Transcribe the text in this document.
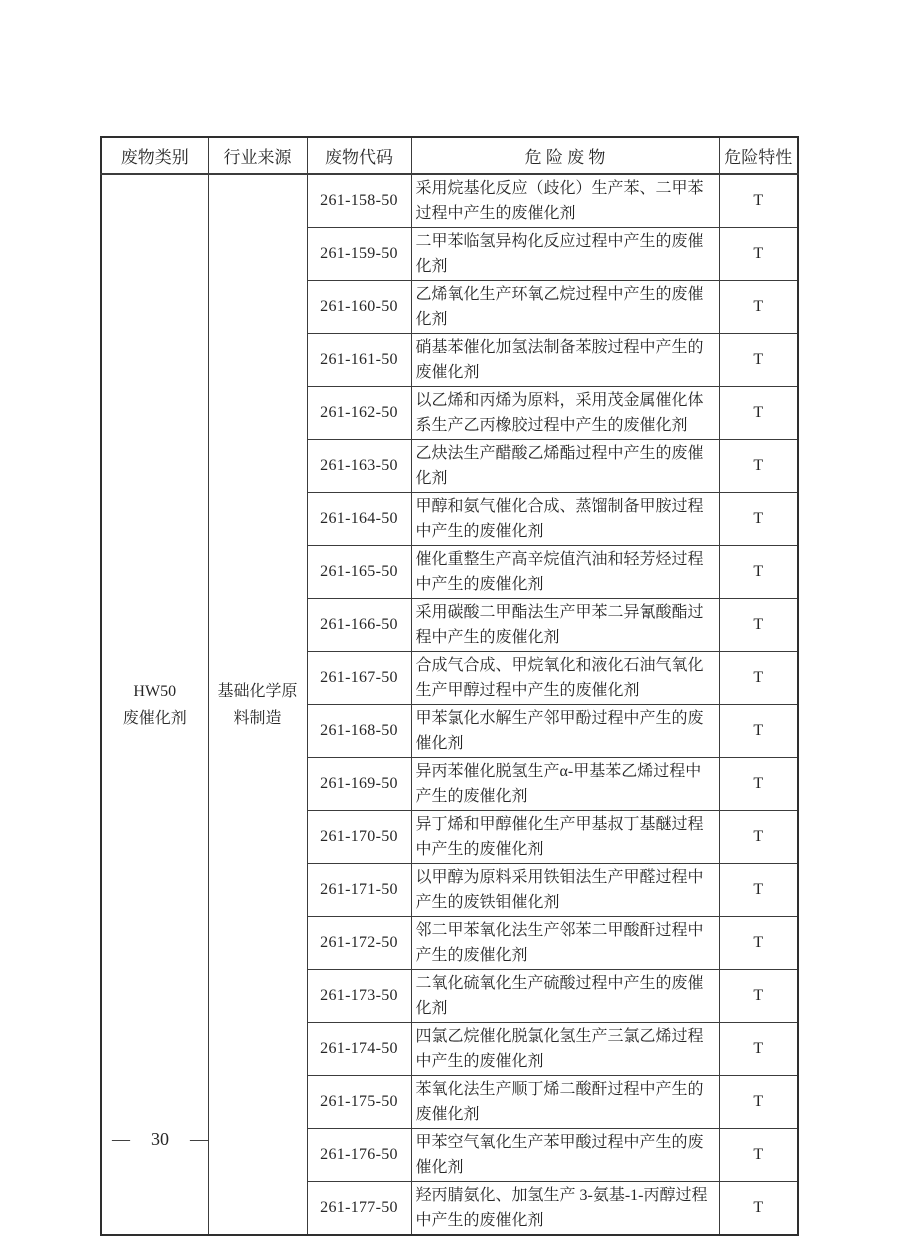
废物类别	行业来源	废物代码	危 险 废 物	危险特性

HW50
废催化剂	基础化学原料制造	261-158-50	采用烷基化反应（歧化）生产苯、二甲苯过程中产生的废催化剂	T
		261-159-50	二甲苯临氢异构化反应过程中产生的废催化剂	T
		261-160-50	乙烯氧化生产环氧乙烷过程中产生的废催化剂	T
		261-161-50	硝基苯催化加氢法制备苯胺过程中产生的废催化剂	T
		261-162-50	以乙烯和丙烯为原料，采用茂金属催化体系生产乙丙橡胶过程中产生的废催化剂	T
		261-163-50	乙炔法生产醋酸乙烯酯过程中产生的废催化剂	T
		261-164-50	甲醇和氨气催化合成、蒸馏制备甲胺过程中产生的废催化剂	T
		261-165-50	催化重整生产高辛烷值汽油和轻芳烃过程中产生的废催化剂	T
		261-166-50	采用碳酸二甲酯法生产甲苯二异氰酸酯过程中产生的废催化剂	T
		261-167-50	合成气合成、甲烷氧化和液化石油气氧化生产甲醇过程中产生的废催化剂	T
		261-168-50	甲苯氯化水解生产邻甲酚过程中产生的废催化剂	T
		261-169-50	异丙苯催化脱氢生产α-甲基苯乙烯过程中产生的废催化剂	T
		261-170-50	异丁烯和甲醇催化生产甲基叔丁基醚过程中产生的废催化剂	T
		261-171-50	以甲醇为原料采用铁钼法生产甲醛过程中产生的废铁钼催化剂	T
		261-172-50	邻二甲苯氧化法生产邻苯二甲酸酐过程中产生的废催化剂	T
		261-173-50	二氧化硫氧化生产硫酸过程中产生的废催化剂	T
		261-174-50	四氯乙烷催化脱氯化氢生产三氯乙烯过程中产生的废催化剂	T
		261-175-50	苯氧化法生产顺丁烯二酸酐过程中产生的废催化剂	T
		261-176-50	甲苯空气氧化生产苯甲酸过程中产生的废催化剂	T
		261-177-50	羟丙腈氨化、加氢生产 3-氨基-1-丙醇过程中产生的废催化剂	T
— 30 —
